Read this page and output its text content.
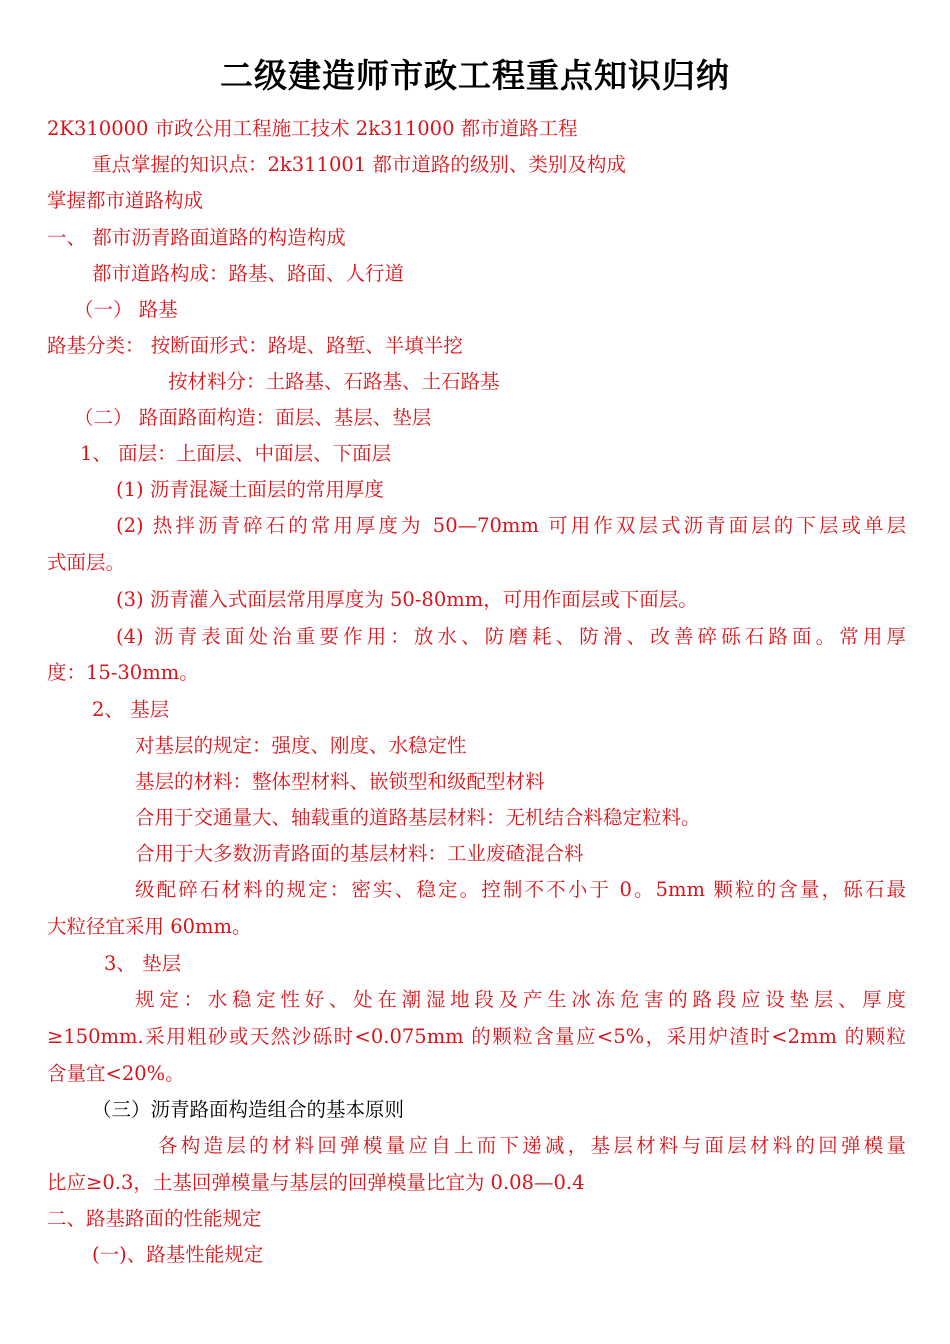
二级建造师市政工程重点知识归纳
2K310000 市政公用工程施工技术 2k311000 都市道路工程
重点掌握的知识点：2k311001 都市道路的级别、类别及构成
掌握都市道路构成
一、 都市沥青路面道路的构造构成
都市道路构成：路基、路面、人行道
（一） 路基
路基分类： 按断面形式：路堤、路堑、半填半挖
按材料分：土路基、石路基、土石路基
（二） 路面路面构造：面层、基层、垫层
1、 面层：上面层、中面层、下面层
(1) 沥青混凝土面层的常用厚度
(2) 热拌沥青碎石的常用厚度为 50—70mm 可用作双层式沥青面层的下层或单层
式面层。
(3) 沥青灌入式面层常用厚度为 50-80mm，可用作面层或下面层。
(4) 沥青表面处治重要作用：放水、防磨耗、防滑、改善碎砾石路面。常用厚
度：15-30mm。
2、 基层
对基层的规定：强度、刚度、水稳定性
基层的材料：整体型材料、嵌锁型和级配型材料
合用于交通量大、轴载重的道路基层材料：无机结合料稳定粒料。
合用于大多数沥青路面的基层材料：工业废碴混合料
级配碎石材料的规定：密实、稳定。控制不不小于 0。5mm 颗粒的含量，砾石最
大粒径宜采用 60mm。
3、 垫层
规定：水稳定性好、处在潮湿地段及产生冰冻危害的路段应设垫层、厚度
≥150mm.采用粗砂或天然沙砾时<0.075mm 的颗粒含量应<5%，采用炉渣时<2mm 的颗粒
含量宜<20%。
（三）沥青路面构造组合的基本原则
各构造层的材料回弹模量应自上而下递减，基层材料与面层材料的回弹模量
比应≥0.3，土基回弹模量与基层的回弹模量比宜为 0.08—0.4
二、路基路面的性能规定
(一)、路基性能规定
